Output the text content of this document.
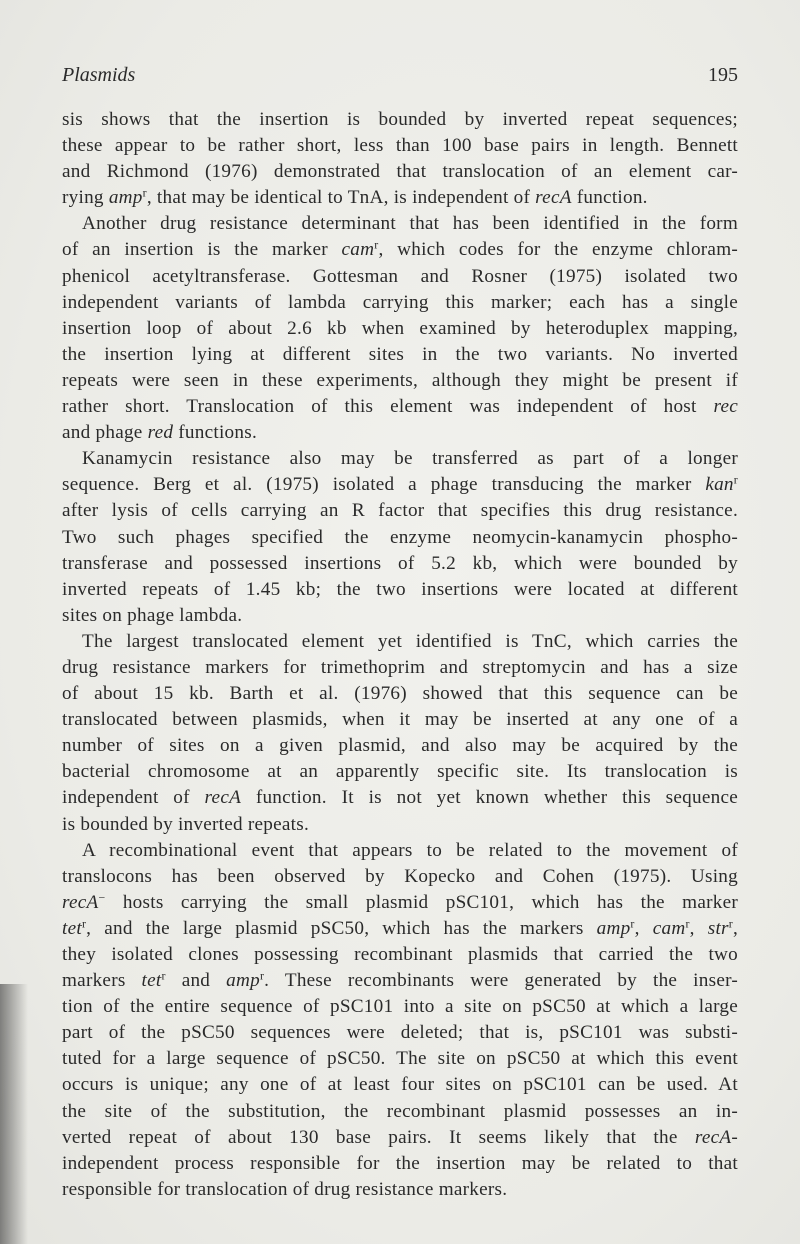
Plasmids	195
sis shows that the insertion is bounded by inverted repeat sequences;
these appear to be rather short, less than 100 base pairs in length. Bennett
and Richmond (1976) demonstrated that translocation of an element car-
rying amp$^r$, that may be identical to TnA, is independent of recA function.
Another drug resistance determinant that has been identified in the form
of an insertion is the marker cam$^r$, which codes for the enzyme chloram-
phenicol acetyltransferase. Gottesman and Rosner (1975) isolated two
independent variants of lambda carrying this marker; each has a single
insertion loop of about 2.6 kb when examined by heteroduplex mapping,
the insertion lying at different sites in the two variants. No inverted
repeats were seen in these experiments, although they might be present if
rather short. Translocation of this element was independent of host rec
and phage red functions.
Kanamycin resistance also may be transferred as part of a longer
sequence. Berg et al. (1975) isolated a phage transducing the marker kan$^r$
after lysis of cells carrying an R factor that specifies this drug resistance.
Two such phages specified the enzyme neomycin-kanamycin phospho-
transferase and possessed insertions of 5.2 kb, which were bounded by
inverted repeats of 1.45 kb; the two insertions were located at different
sites on phage lambda.
The largest translocated element yet identified is TnC, which carries the
drug resistance markers for trimethoprim and streptomycin and has a size
of about 15 kb. Barth et al. (1976) showed that this sequence can be
translocated between plasmids, when it may be inserted at any one of a
number of sites on a given plasmid, and also may be acquired by the
bacterial chromosome at an apparently specific site. Its translocation is
independent of recA function. It is not yet known whether this sequence
is bounded by inverted repeats.
A recombinational event that appears to be related to the movement of
translocons has been observed by Kopecko and Cohen (1975). Using
recA− hosts carrying the small plasmid pSC101, which has the marker
tet$^r$, and the large plasmid pSC50, which has the markers amp$^r$, cam$^r$, str$^r$,
they isolated clones possessing recombinant plasmids that carried the two
markers tet$^r$ and amp$^r$. These recombinants were generated by the inser-
tion of the entire sequence of pSC101 into a site on pSC50 at which a large
part of the pSC50 sequences were deleted; that is, pSC101 was substi-
tuted for a large sequence of pSC50. The site on pSC50 at which this event
occurs is unique; any one of at least four sites on pSC101 can be used. At
the site of the substitution, the recombinant plasmid possesses an in-
verted repeat of about 130 base pairs. It seems likely that the recA-
independent process responsible for the insertion may be related to that
responsible for translocation of drug resistance markers.
